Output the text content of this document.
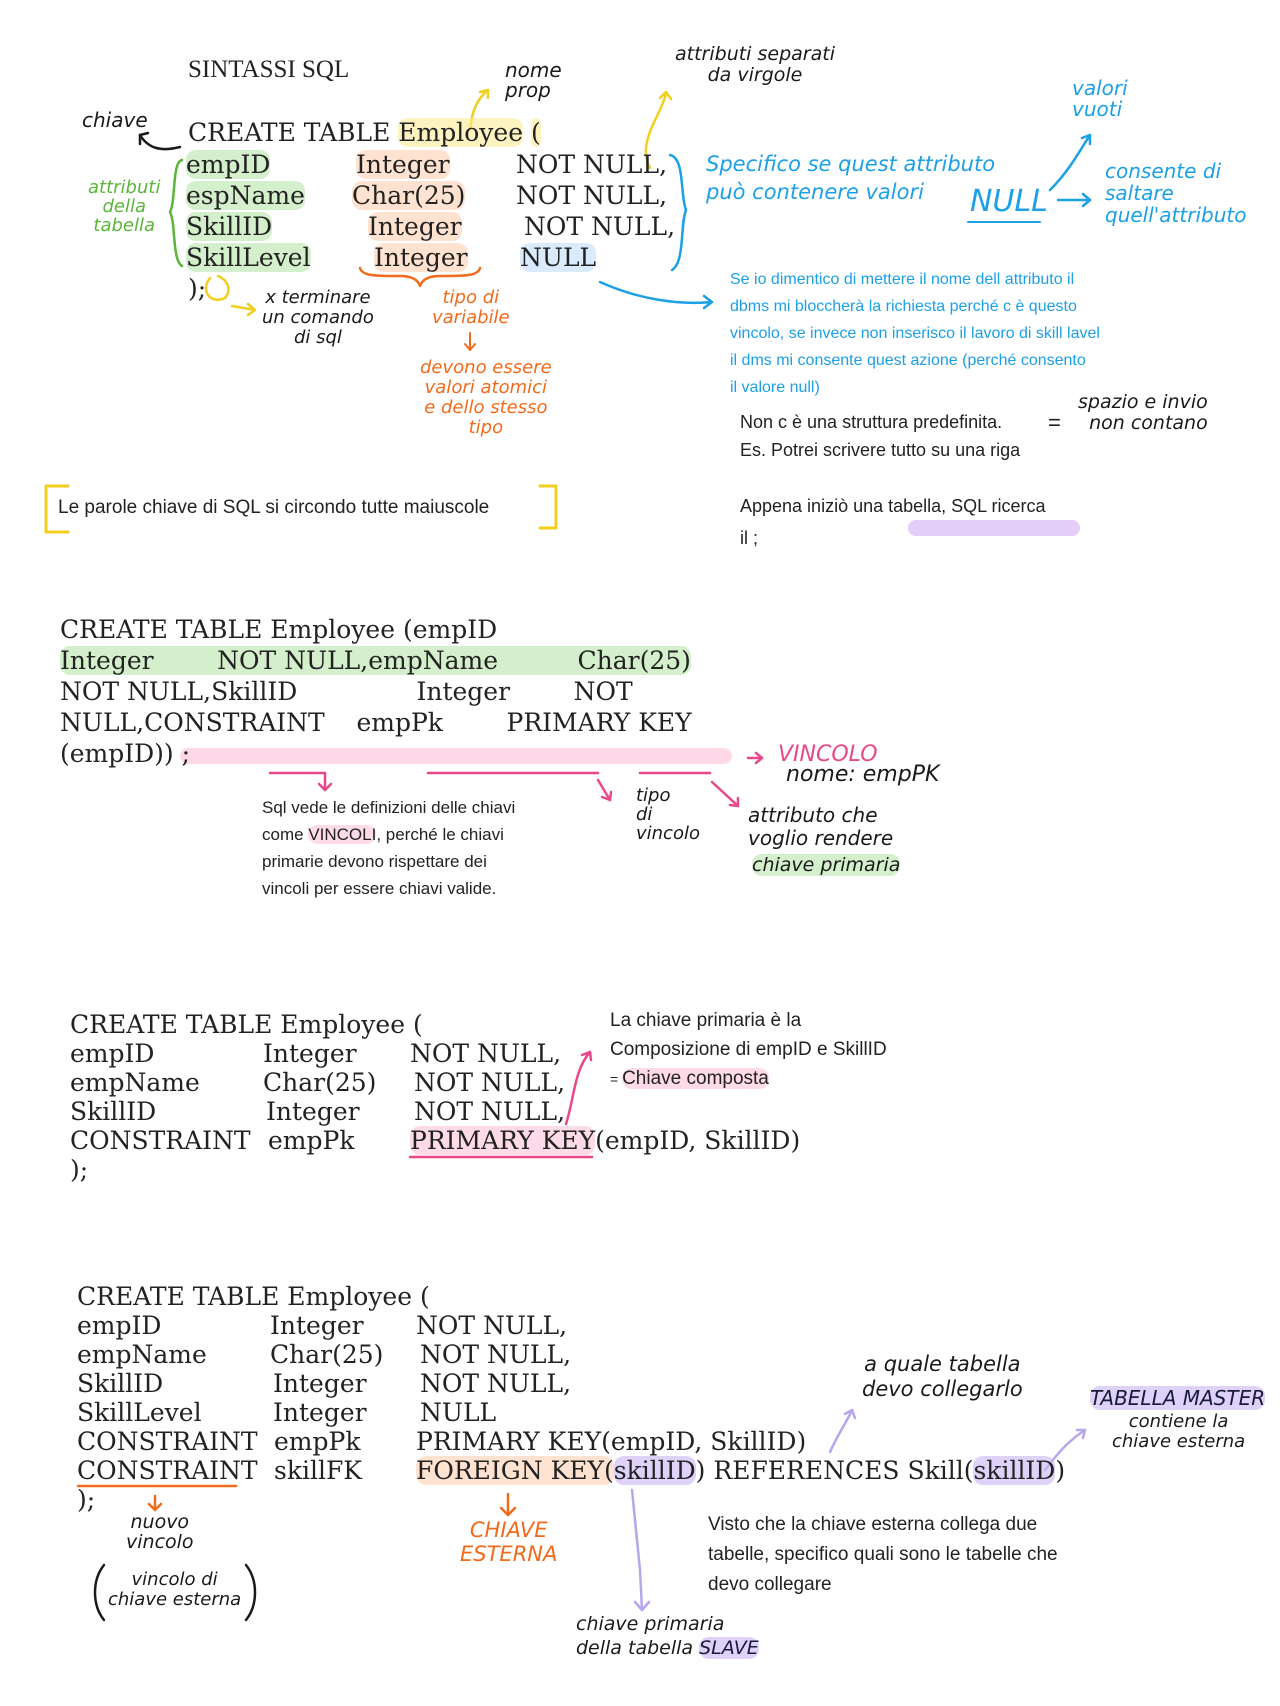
SINTASSI SQL
CREATE TABLE Employee (
empID	Integer	NOT NULL,
espName Char(25) NOT NULL,
SkillID	Integer NOT NULL,
SkillLevel	Integer NULL
);
chiave
attributi
della
tabella
nome
prop
attributi separati
da virgole
Specifico se quest attributo
può contenere valori	NULL
valori
vuoti
consente di
saltare
quell'attributo
x terminare
un comando
di sql
tipo di
variabile
devono essere
valori atomici
e dello stesso
tipo
spazio e invio
non contano
=
Se io dimentico di mettere il nome dell attributo il
dbms mi bloccherà la richiesta perché c è questo
vincolo, se invece non inserisco il lavoro di skill lavel
il dms mi consente quest azione (perché consento
il valore null)
Non c è una struttura predefinita.
Es. Potrei scrivere tutto su una riga
Appena iniziò una tabella, SQL ricerca
il ;
Le parole chiave di SQL si circondo tutte maiuscole
CREATE TABLE Employee (empID
Integer        NOT NULL,empName          Char(25)
NOT NULL,SkillID               Integer        NOT
NULL,CONSTRAINT    empPk        PRIMARY KEY
(empID)) ;	VINCOLO
nome: empPK
tipo
di
vincolo
attributo che
voglio rendere
chiave primaria
Sql vede le definizioni delle chiavi
come VINCOLI, perché le chiavi
primarie devono rispettare dei
vincoli per essere chiavi valide.
CREATE TABLE Employee (
empID	Integer NOT NULL,
empName	Char(25) NOT NULL,
SkillID	Integer NOT NULL,
CONSTRAINT empPk PRIMARY KEY(empID, SkillID)
);
La chiave primaria è la
Composizione di empID e SkillID
= Chiave composta
CREATE TABLE Employee (
empID	Integer NOT NULL,
empName	Char(25) NOT NULL,
SkillID	Integer NOT NULL,
SkillLevel	Integer NULL
CONSTRAINT empPk PRIMARY KEY(empID, SkillID)
CONSTRAINT skillFK FOREIGN KEY(skillID) REFERENCES Skill(skillID)
);
nuovo
vincolo
vincolo di
chiave esterna
CHIAVE
ESTERNA
a quale tabella
devo collegarlo	TABELLA MASTER
contiene la
chiave esterna
chiave primaria
della tabella SLAVE
Visto che la chiave esterna collega due
tabelle, specifico quali sono le tabelle che
devo collegare
